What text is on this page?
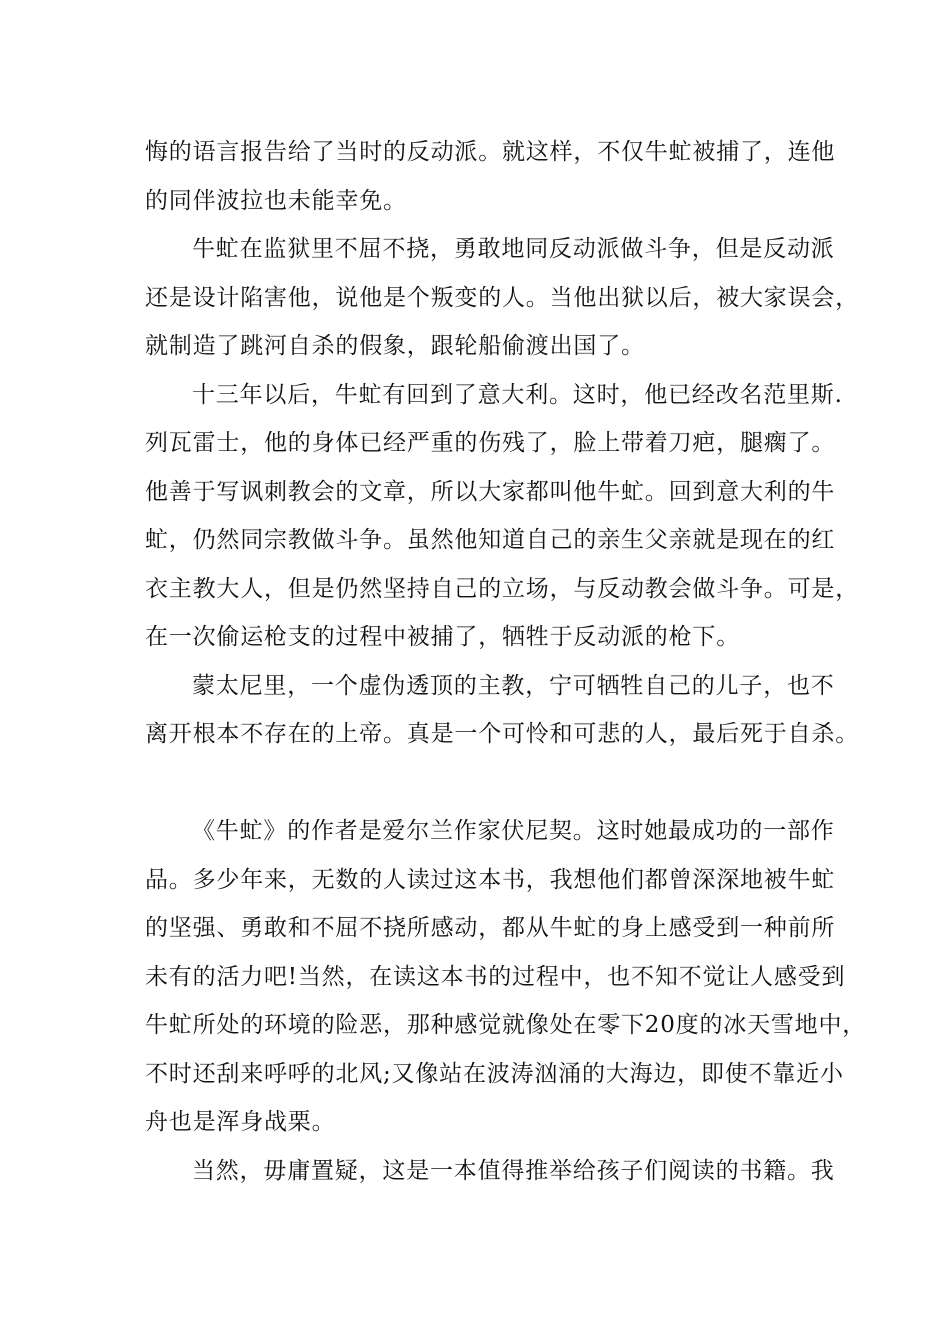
悔的语言报告给了当时的反动派。就这样，不仅牛虻被捕了，连他
的同伴波拉也未能幸免。
牛虻在监狱里不屈不挠，勇敢地同反动派做斗争，但是反动派
还是设计陷害他，说他是个叛变的人。当他出狱以后，被大家误会，
就制造了跳河自杀的假象，跟轮船偷渡出国了。
十三年以后，牛虻有回到了意大利。这时，他已经改名范里斯.
列瓦雷士，他的身体已经严重的伤残了，脸上带着刀疤，腿瘸了。
他善于写讽刺教会的文章，所以大家都叫他牛虻。回到意大利的牛
虻，仍然同宗教做斗争。虽然他知道自己的亲生父亲就是现在的红
衣主教大人，但是仍然坚持自己的立场，与反动教会做斗争。可是，
在一次偷运枪支的过程中被捕了，牺牲于反动派的枪下。
蒙太尼里，一个虚伪透顶的主教，宁可牺牲自己的儿子，也不
离开根本不存在的上帝。真是一个可怜和可悲的人，最后死于自杀。
《牛虻》的作者是爱尔兰作家伏尼契。这时她最成功的一部作
品。多少年来，无数的人读过这本书，我想他们都曾深深地被牛虻
的坚强、勇敢和不屈不挠所感动，都从牛虻的身上感受到一种前所
未有的活力吧!当然，在读这本书的过程中，也不知不觉让人感受到
牛虻所处的环境的险恶，那种感觉就像处在零下20度的冰天雪地中，
不时还刮来呼呼的北风;又像站在波涛汹涌的大海边，即使不靠近小
舟也是浑身战栗。
当然，毋庸置疑，这是一本值得推举给孩子们阅读的书籍。我
